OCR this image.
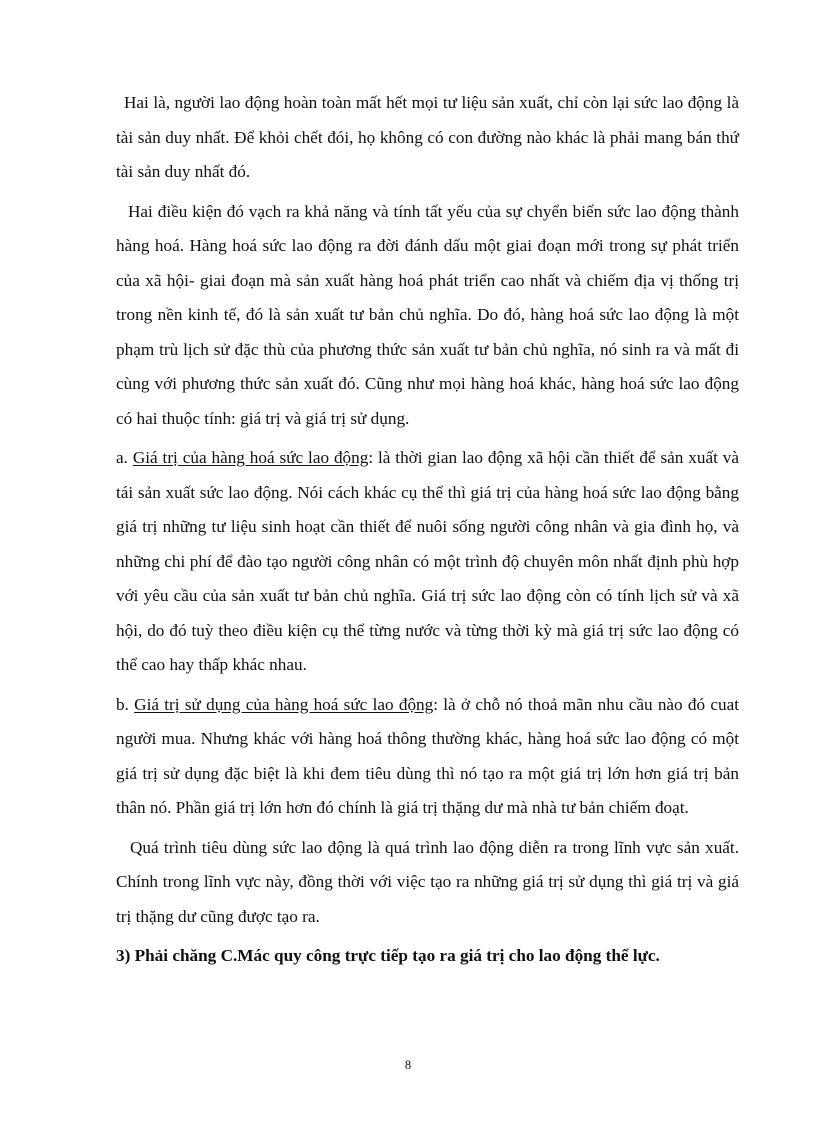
Hai là, người lao động hoàn toàn mất hết mọi tư liệu sản xuất, chỉ còn lại sức lao động là tài sản duy nhất. Để khỏi chết đói, họ không có con đường nào khác là phải mang bán thứ tài sản duy nhất đó.

Hai điều kiện đó vạch ra khả năng và tính tất yếu của sự chyển biến sức lao động thành hàng hoá. Hàng hoá sức lao động ra đời đánh dấu một giai đoạn mới trong sự phát triển của xã hội- giai đoạn mà sản xuất hàng hoá phát triển cao nhất và chiếm địa vị thống trị trong nền kinh tế, đó là sản xuất tư bản chủ nghĩa. Do đó, hàng hoá sức lao động là một phạm trù lịch sử đặc thù của phương thức sản xuất tư bản chủ nghĩa, nó sinh ra và mất đi cùng với phương thức sản xuất đó. Cũng như mọi hàng hoá khác, hàng hoá sức lao động có hai thuộc tính: giá trị và giá trị sử dụng.

a. Giá trị của hàng hoá sức lao động: là thời gian lao động xã hội cần thiết để sản xuất và tái sản xuất sức lao động. Nói cách khác cụ thể thì giá trị của hàng hoá sức lao động bằng giá trị những tư liệu sinh hoạt cần thiết để nuôi sống người công nhân và gia đình họ, và những chi phí để đào tạo người công nhân có một trình độ chuyên môn nhất định phù hợp với yêu cầu của sản xuất tư bản chủ nghĩa. Giá trị sức lao động còn có tính lịch sử và xã hội, do đó tuỳ theo điều kiện cụ thể từng nước và từng thời kỳ mà giá trị sức lao động có thể cao hay thấp khác nhau.

b. Giá trị sử dụng của hàng hoá sức lao động: là ở chỗ nó thoả mãn nhu cầu nào đó cuat người mua. Nhưng khác với hàng hoá thông thường khác, hàng hoá sức lao động có một giá trị sử dụng đặc biệt là khi đem tiêu dùng thì nó tạo ra một giá trị lớn hơn giá trị bản thân nó. Phần giá trị lớn hơn đó chính là giá trị thặng dư mà nhà tư bản chiếm đoạt.

Quá trình tiêu dùng sức lao động là quá trình lao động diễn ra trong lĩnh vực sản xuất. Chính trong lĩnh vực này, đồng thời với việc tạo ra những giá trị sử dụng thì giá trị và giá trị thặng dư cũng được tạo ra.

3) Phải chăng C.Mác quy công trực tiếp tạo ra giá trị cho lao động thể lực.

8
